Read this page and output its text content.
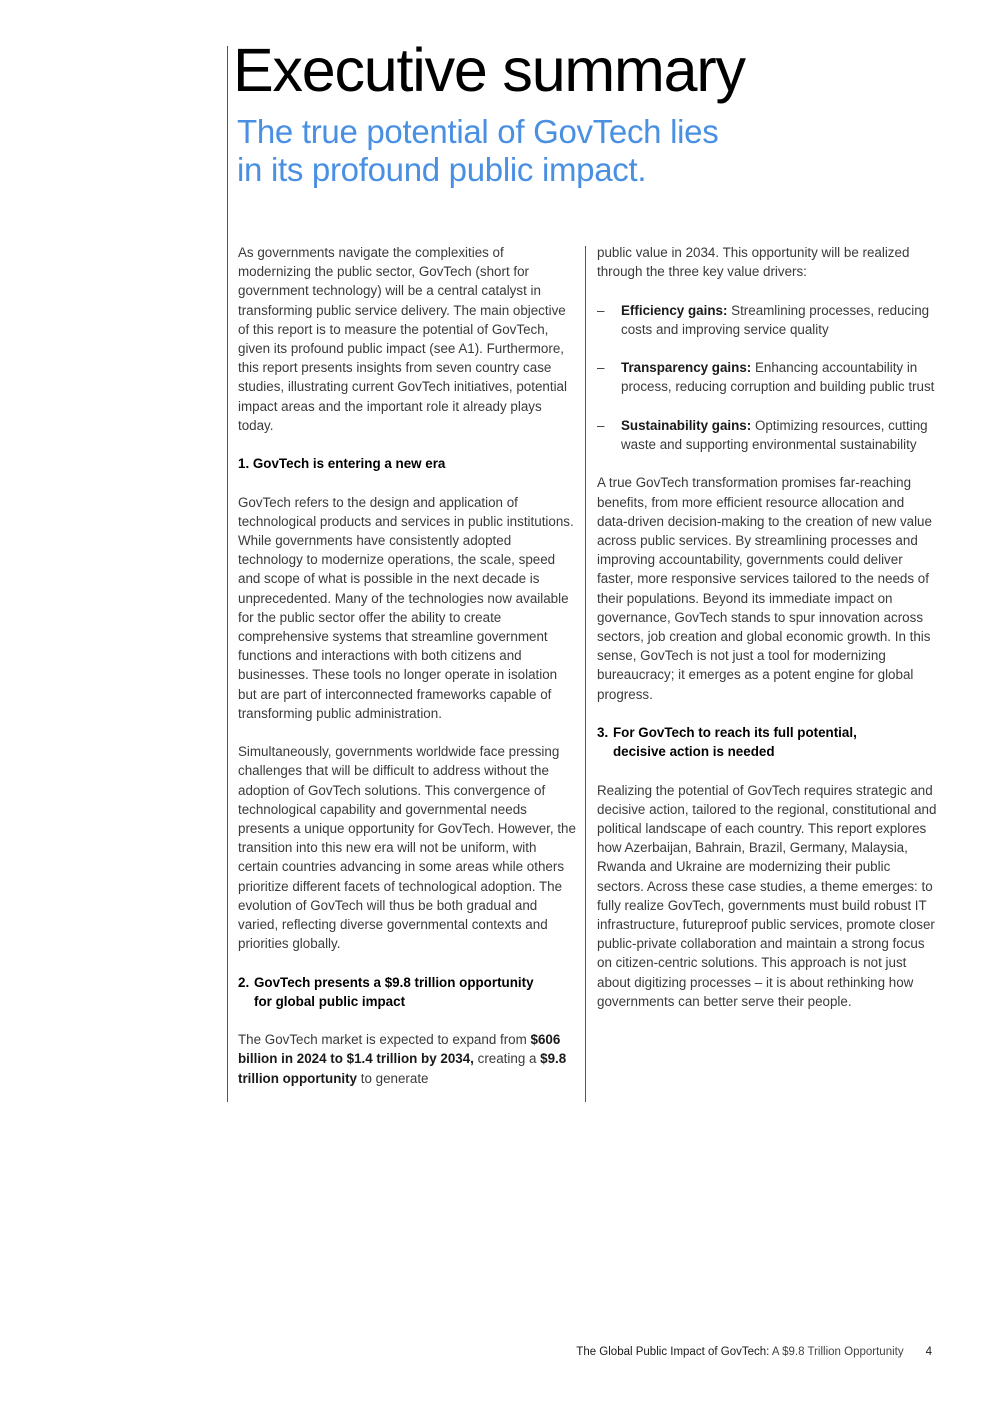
Executive summary
The true potential of GovTech lies
in its profound public impact.

As governments navigate the complexities of modernizing the public sector, GovTech (short for government technology) will be a central catalyst in transforming public service delivery. The main objective of this report is to measure the potential of GovTech, given its profound public impact (see A1). Furthermore, this report presents insights from seven country case studies, illustrating current GovTech initiatives, potential impact areas and the important role it already plays today.

1. GovTech is entering a new era

GovTech refers to the design and application of technological products and services in public institutions. While governments have consistently adopted technology to modernize operations, the scale, speed and scope of what is possible in the next decade is unprecedented. Many of the technologies now available for the public sector offer the ability to create comprehensive systems that streamline government functions and interactions with both citizens and businesses. These tools no longer operate in isolation but are part of interconnected frameworks capable of transforming public administration.

Simultaneously, governments worldwide face pressing challenges that will be difficult to address without the adoption of GovTech solutions. This convergence of technological capability and governmental needs presents a unique opportunity for GovTech. However, the transition into this new era will not be uniform, with certain countries advancing in some areas while others prioritize different facets of technological adoption. The evolution of GovTech will thus be both gradual and varied, reflecting diverse governmental contexts and priorities globally.

2. GovTech presents a $9.8 trillion opportunity
for global public impact

The GovTech market is expected to expand from $606 billion in 2024 to $1.4 trillion by 2034, creating a $9.8 trillion opportunity to generate

public value in 2034. This opportunity will be realized through the three key value drivers:

– Efficiency gains: Streamlining processes, reducing costs and improving service quality
– Transparency gains: Enhancing accountability in process, reducing corruption and building public trust
– Sustainability gains: Optimizing resources, cutting waste and supporting environmental sustainability

A true GovTech transformation promises far-reaching benefits, from more efficient resource allocation and data-driven decision-making to the creation of new value across public services. By streamlining processes and improving accountability, governments could deliver faster, more responsive services tailored to the needs of their populations. Beyond its immediate impact on governance, GovTech stands to spur innovation across sectors, job creation and global economic growth. In this sense, GovTech is not just a tool for modernizing bureaucracy; it emerges as a potent engine for global progress.

3. For GovTech to reach its full potential,
decisive action is needed

Realizing the potential of GovTech requires strategic and decisive action, tailored to the regional, constitutional and political landscape of each country. This report explores how Azerbaijan, Bahrain, Brazil, Germany, Malaysia, Rwanda and Ukraine are modernizing their public sectors. Across these case studies, a theme emerges: to fully realize GovTech, governments must build robust IT infrastructure, futureproof public services, promote closer public-private collaboration and maintain a strong focus on citizen-centric solutions. This approach is not just about digitizing processes – it is about rethinking how governments can better serve their people.

The Global Public Impact of GovTech: A $9.8 Trillion Opportunity 4
